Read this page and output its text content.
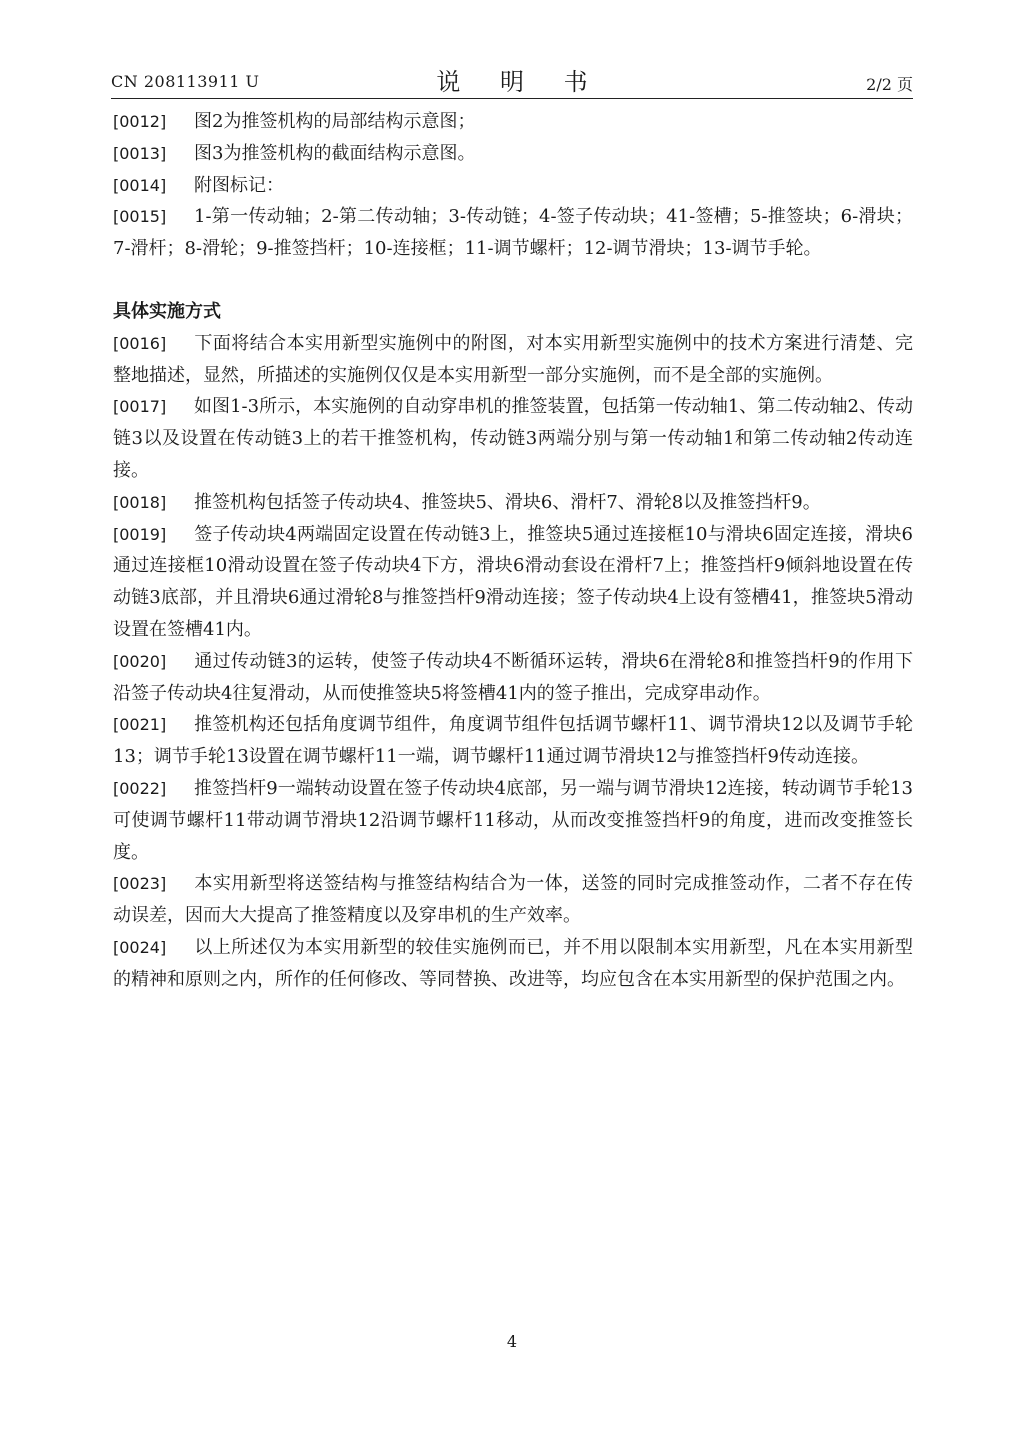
CN 208113911 U	说 明 书	2/2 页

[0012] 图2为推签机构的局部结构示意图；

[0013] 图3为推签机构的截面结构示意图。

[0014] 附图标记：

[0015] 1-第一传动轴；2-第二传动轴；3-传动链；4-签子传动块；41-签槽；5-推签块；6-滑块；7-滑杆；8-滑轮；9-推签挡杆；10-连接框；11-调节螺杆；12-调节滑块；13-调节手轮。

具体实施方式

[0016] 下面将结合本实用新型实施例中的附图，对本实用新型实施例中的技术方案进行清楚、完整地描述，显然，所描述的实施例仅仅是本实用新型一部分实施例，而不是全部的实施例。

[0017] 如图1-3所示，本实施例的自动穿串机的推签装置，包括第一传动轴1、第二传动轴2、传动链3以及设置在传动链3上的若干推签机构，传动链3两端分别与第一传动轴1和第二传动轴2传动连接。

[0018] 推签机构包括签子传动块4、推签块5、滑块6、滑杆7、滑轮8以及推签挡杆9。

[0019] 签子传动块4两端固定设置在传动链3上，推签块5通过连接框10与滑块6固定连接，滑块6通过连接框10滑动设置在签子传动块4下方，滑块6滑动套设在滑杆7上；推签挡杆9倾斜地设置在传动链3底部，并且滑块6通过滑轮8与推签挡杆9滑动连接；签子传动块4上设有签槽41，推签块5滑动设置在签槽41内。

[0020] 通过传动链3的运转，使签子传动块4不断循环运转，滑块6在滑轮8和推签挡杆9的作用下沿签子传动块4往复滑动，从而使推签块5将签槽41内的签子推出，完成穿串动作。

[0021] 推签机构还包括角度调节组件，角度调节组件包括调节螺杆11、调节滑块12以及调节手轮13；调节手轮13设置在调节螺杆11一端，调节螺杆11通过调节滑块12与推签挡杆9传动连接。

[0022] 推签挡杆9一端转动设置在签子传动块4底部，另一端与调节滑块12连接，转动调节手轮13可使调节螺杆11带动调节滑块12沿调节螺杆11移动，从而改变推签挡杆9的角度，进而改变推签长度。

[0023] 本实用新型将送签结构与推签结构结合为一体，送签的同时完成推签动作，二者不存在传动误差，因而大大提高了推签精度以及穿串机的生产效率。

[0024] 以上所述仅为本实用新型的较佳实施例而已，并不用以限制本实用新型，凡在本实用新型的精神和原则之内，所作的任何修改、等同替换、改进等，均应包含在本实用新型的保护范围之内。

4
